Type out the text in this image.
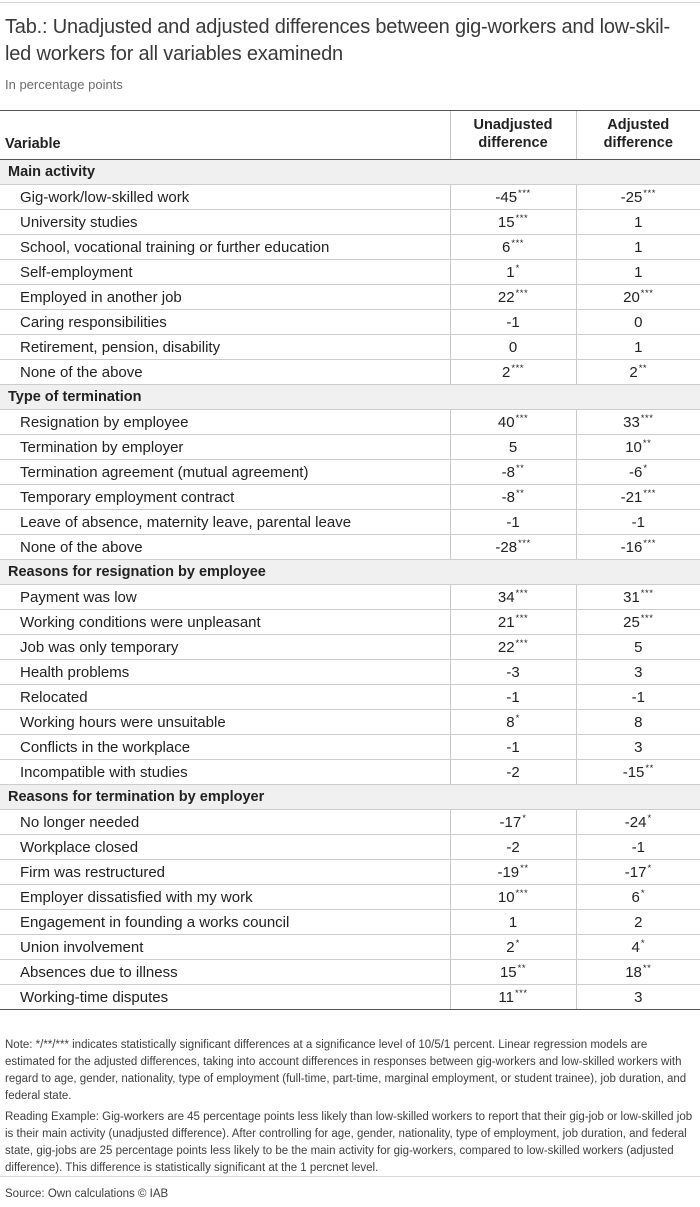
Tab.: Unadjusted and adjusted differences between gig-workers and low-skil-
led workers for all variables examinedn
In percentage points
Variable	Unadjusted difference	Adjusted difference
Main activity		
Gig-work/low-skilled work	-45***	-25***
University studies	15***	1
School, vocational training or further education	6***	1
Self-employment	1*	1
Employed in another job	22***	20***
Caring responsibilities	-1	0
Retirement, pension, disability	0	1
None of the above	2***	2**
Type of termination		
Resignation by employee	40***	33***
Termination by employer	5	10**
Termination agreement (mutual agreement)	-8**	-6*
Temporary employment contract	-8**	-21***
Leave of absence, maternity leave, parental leave	-1	-1
None of the above	-28***	-16***
Reasons for resignation by employee		
Payment was low	34***	31***
Working conditions were unpleasant	21***	25***
Job was only temporary	22***	5
Health problems	-3	3
Relocated	-1	-1
Working hours were unsuitable	8*	8
Conflicts in the workplace	-1	3
Incompatible with studies	-2	-15**
Reasons for termination by employer		
No longer needed	-17*	-24*
Workplace closed	-2	-1
Firm was restructured	-19**	-17*
Employer dissatisfied with my work	10***	6*
Engagement in founding a works council	1	2
Union involvement	2*	4*
Absences due to illness	15**	18**
Working-time disputes	11***	3

Note: */**/*** indicates statistically significant differences at a significance level of 10/5/1 percent. Linear regression models are estimated for the adjusted differences, taking into account differences in responses between gig-workers and low-skilled workers with regard to age, gender, nationality, type of employment (full-time, part-time, marginal employment, or student trainee), job duration, and federal state.

Reading Example: Gig-workers are 45 percentage points less likely than low-skilled workers to report that their gig-job or low-skilled job is their main activity (unadjusted difference). After controlling for age, gender, nationality, type of employment, job duration, and federal state, gig-jobs are 25 percentage points less likely to be the main activity for gig-workers, compared to low-skilled workers (adjusted difference). This difference is statistically significant at the 1 percnet level.

Source: Own calculations © IAB
